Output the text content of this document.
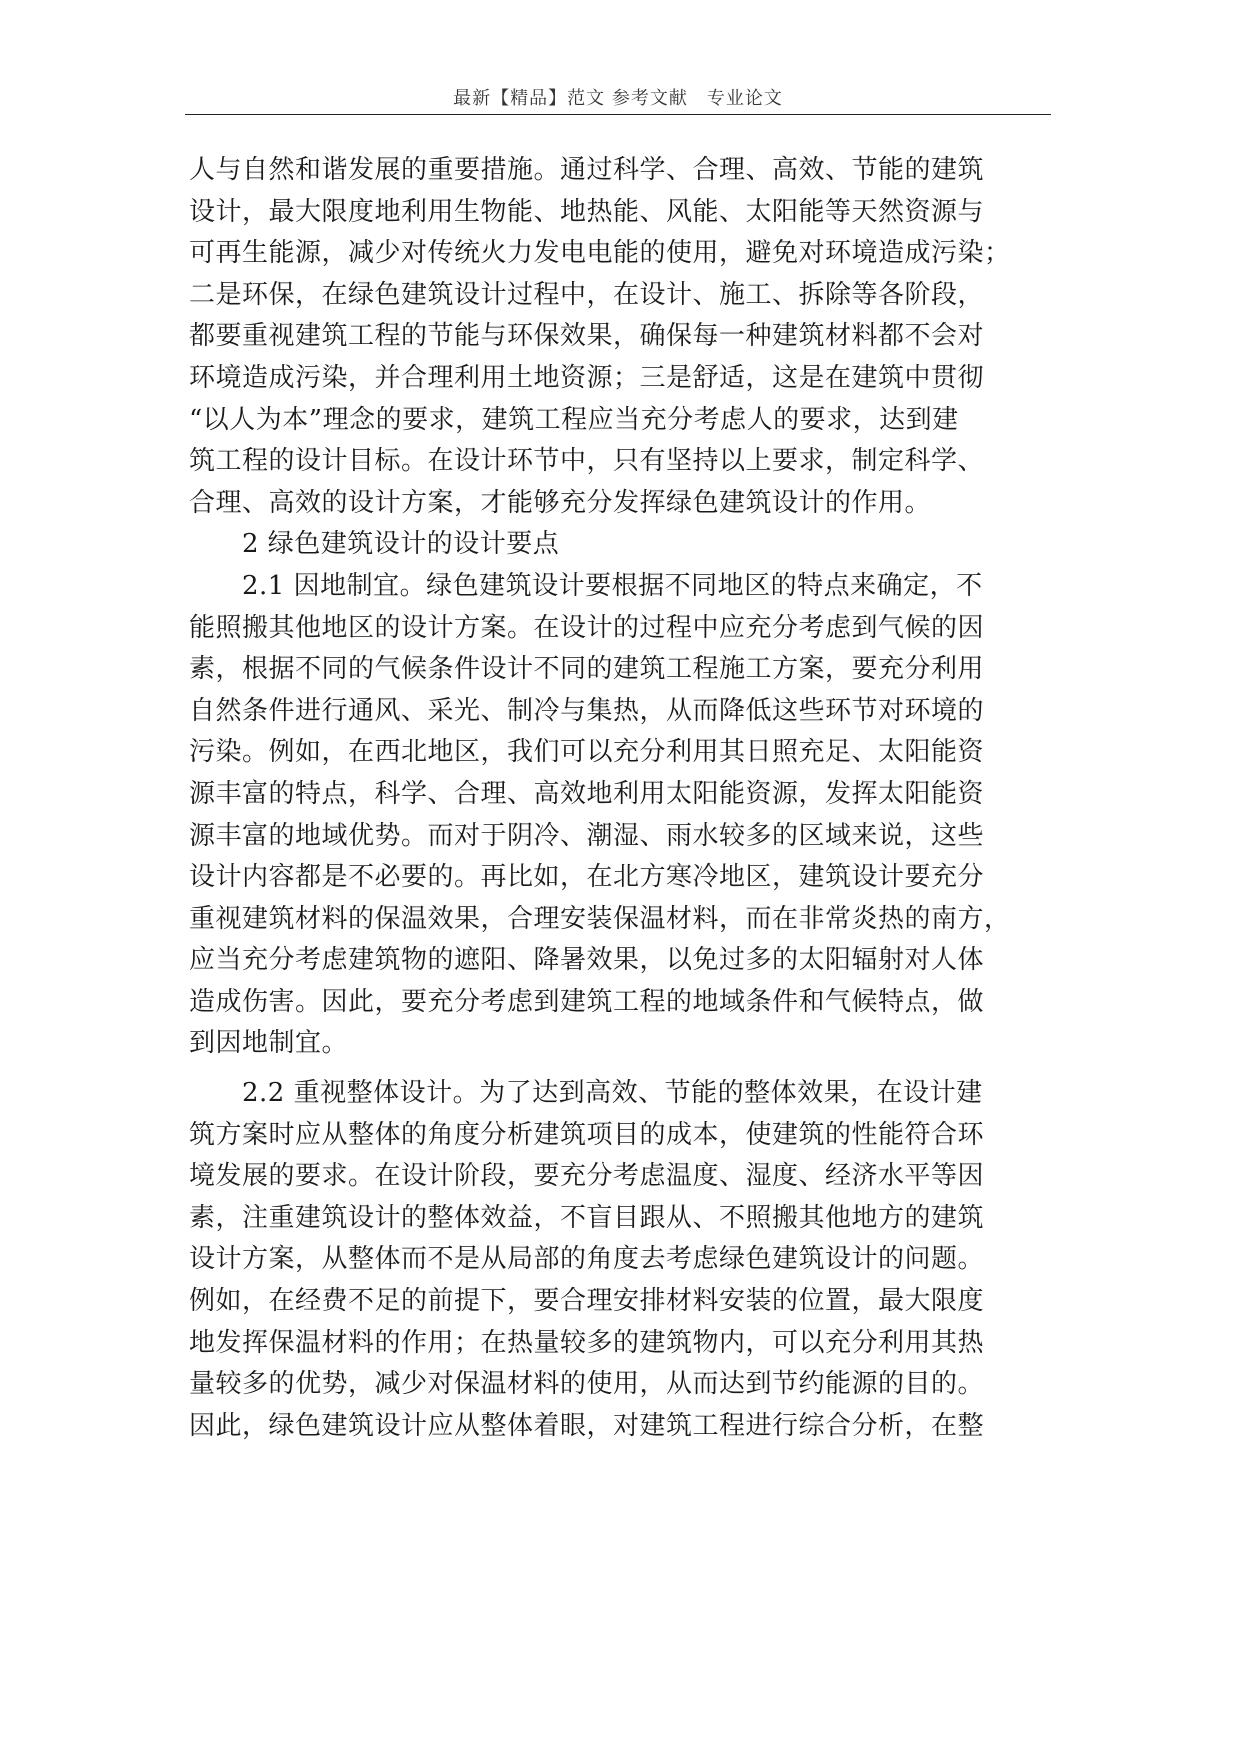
最新【精品】范文 参考文献　专业论文
人与自然和谐发展的重要措施。通过科学、合理、高效、节能的建筑
设计，最大限度地利用生物能、地热能、风能、太阳能等天然资源与
可再生能源，减少对传统火力发电电能的使用，避免对环境造成污染；
二是环保，在绿色建筑设计过程中，在设计、施工、拆除等各阶段，
都要重视建筑工程的节能与环保效果，确保每一种建筑材料都不会对
环境造成污染，并合理利用土地资源；三是舒适，这是在建筑中贯彻
“以人为本”理念的要求，建筑工程应当充分考虑人的要求，达到建
筑工程的设计目标。在设计环节中，只有坚持以上要求，制定科学、
合理、高效的设计方案，才能够充分发挥绿色建筑设计的作用。
　　2 绿色建筑设计的设计要点
　　2.1 因地制宜。绿色建筑设计要根据不同地区的特点来确定，不
能照搬其他地区的设计方案。在设计的过程中应充分考虑到气候的因
素，根据不同的气候条件设计不同的建筑工程施工方案，要充分利用
自然条件进行通风、采光、制冷与集热，从而降低这些环节对环境的
污染。例如，在西北地区，我们可以充分利用其日照充足、太阳能资
源丰富的特点，科学、合理、高效地利用太阳能资源，发挥太阳能资
源丰富的地域优势。而对于阴冷、潮湿、雨水较多的区域来说，这些
设计内容都是不必要的。再比如，在北方寒冷地区，建筑设计要充分
重视建筑材料的保温效果，合理安装保温材料，而在非常炎热的南方，
应当充分考虑建筑物的遮阳、降暑效果，以免过多的太阳辐射对人体
造成伤害。因此，要充分考虑到建筑工程的地域条件和气候特点，做
到因地制宜。
　　2.2 重视整体设计。为了达到高效、节能的整体效果，在设计建
筑方案时应从整体的角度分析建筑项目的成本，使建筑的性能符合环
境发展的要求。在设计阶段，要充分考虑温度、湿度、经济水平等因
素，注重建筑设计的整体效益，不盲目跟从、不照搬其他地方的建筑
设计方案，从整体而不是从局部的角度去考虑绿色建筑设计的问题。
例如，在经费不足的前提下，要合理安排材料安装的位置，最大限度
地发挥保温材料的作用；在热量较多的建筑物内，可以充分利用其热
量较多的优势，减少对保温材料的使用，从而达到节约能源的目的。
因此，绿色建筑设计应从整体着眼，对建筑工程进行综合分析，在整
